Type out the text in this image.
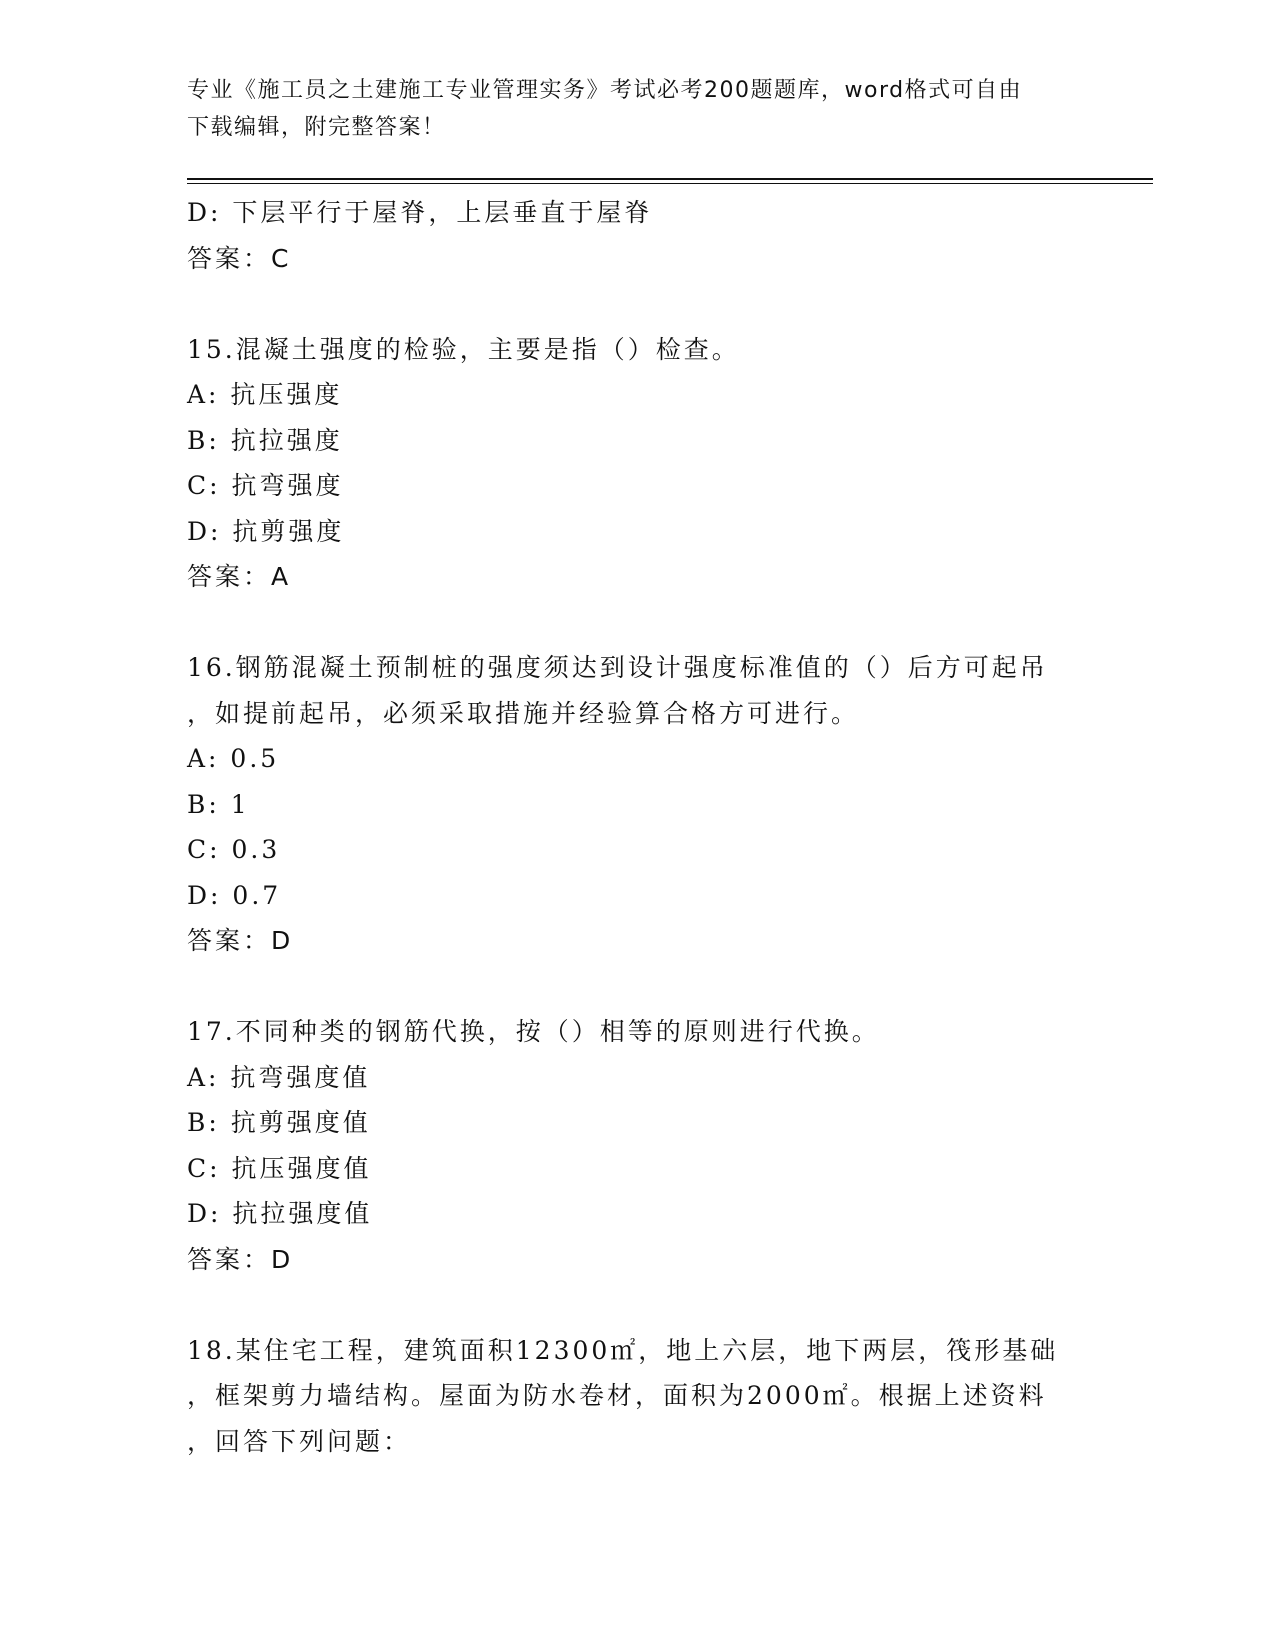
专业《施工员之土建施工专业管理实务》考试必考200题题库，word格式可自由
下载编辑，附完整答案！
D: 下层平行于屋脊，上层垂直于屋脊
答案：C
15.混凝土强度的检验，主要是指（）检查。
A: 抗压强度
B: 抗拉强度
C: 抗弯强度
D: 抗剪强度
答案：A
16.钢筋混凝土预制桩的强度须达到设计强度标准值的（）后方可起吊
，如提前起吊，必须采取措施并经验算合格方可进行。
A: 0.5
B: 1
C: 0.3
D: 0.7
答案：D
17.不同种类的钢筋代换，按（）相等的原则进行代换。
A: 抗弯强度值
B: 抗剪强度值
C: 抗压强度值
D: 抗拉强度值
答案：D
18.某住宅工程，建筑面积12300㎡，地上六层，地下两层，筏形基础
，框架剪力墙结构。屋面为防水卷材，面积为2000㎡。根据上述资料
，回答下列问题：
